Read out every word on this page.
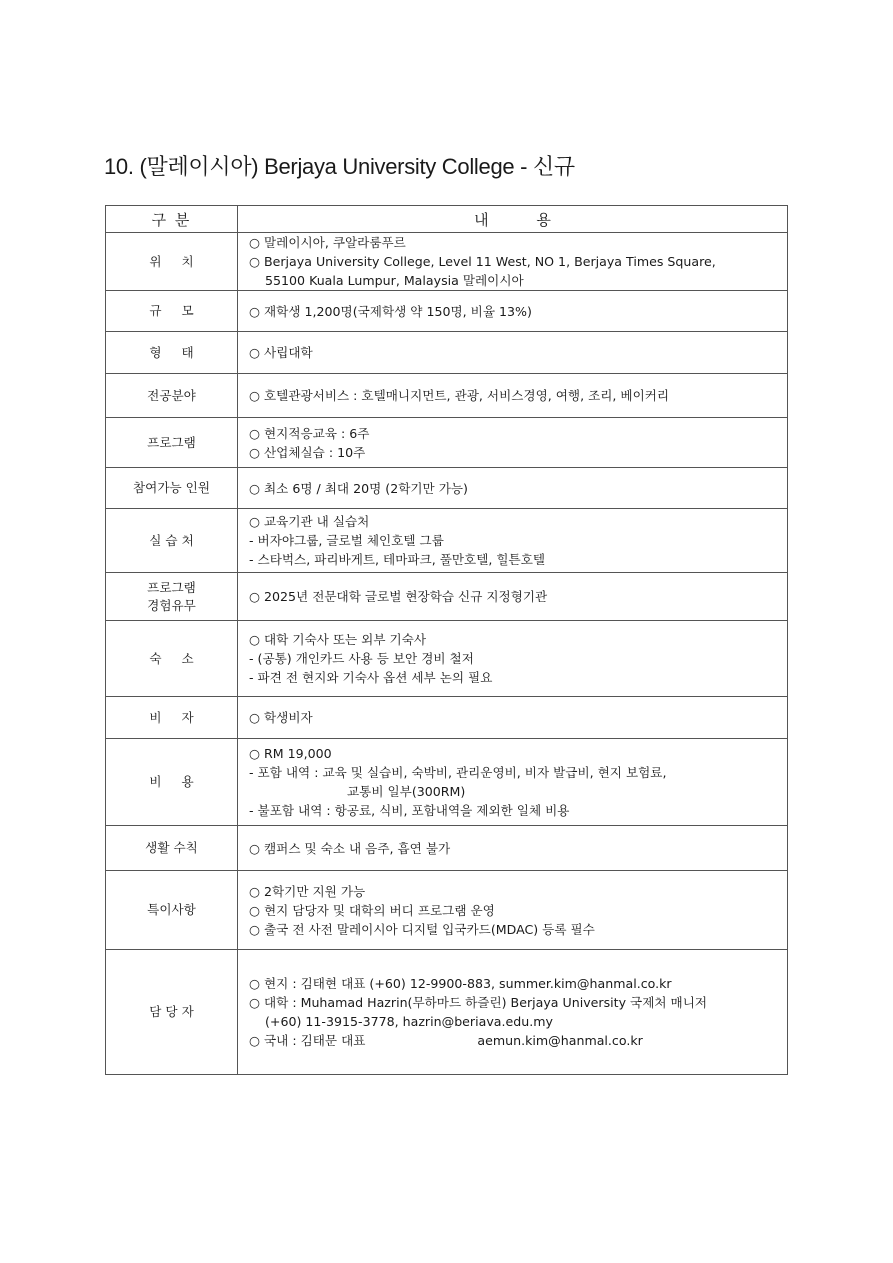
10. (말레이시아) Berjaya University College - 신규
구 분	내          용
위     치	○ 말레이시아, 쿠알라룸푸르
○ Berjaya University College, Level 11 West, NO 1, Berjaya Times Square,
55100 Kuala Lumpur, Malaysia 말레이시아

규     모	○ 재학생 1,200명(국제학생 약 150명, 비율 13%)

형     태	○ 사립대학

전공분야	○ 호텔관광서비스 : 호텔매니지먼트, 관광, 서비스경영, 여행, 조리, 베이커리

프로그램	○ 현지적응교육 : 6주
○ 산업체실습 : 10주

참여가능 인원	○ 최소 6명 / 최대 20명 (2학기만 가능)

실 습 처	○ 교육기관 내 실습처
- 버자야그룹, 글로벌 체인호텔 그룹
- 스타벅스, 파리바게트, 테마파크, 풀만호텔, 힐튼호텔

프로그램
경험유무	○ 2025년 전문대학 글로벌 현장학습 신규 지정형기관

숙     소	○ 대학 기숙사 또는 외부 기숙사
- (공통) 개인카드 사용 등 보안 경비 철저
- 파견 전 현지와 기숙사 옵션 세부 논의 필요

비     자	○ 학생비자

비     용	○ RM 19,000
- 포함 내역 : 교육 및 실습비, 숙박비, 관리운영비, 비자 발급비, 현지 보험료,
교통비 일부(300RM)
- 불포함 내역 : 항공료, 식비, 포함내역을 제외한 일체 비용

생활 수칙	○ 캠퍼스 및 숙소 내 음주, 흡연 불가

특이사항	○ 2학기만 지원 가능
○ 현지 담당자 및 대학의 버디 프로그램 운영
○ 출국 전 사전 말레이시아 디지털 입국카드(MDAC) 등록 필수

담 당 자	○ 현지 : 김태현 대표 (+60) 12-9900-883, summer.kim@hanmal.co.kr
○ 대학 : Muhamad Hazrin(무하마드 하즐린) Berjaya University 국제처 매니저
(+60) 11-3915-3778, hazrin@beriava.edu.my
○ 국내 : 김태문 대표 aemun.kim@hanmal.co.kr
